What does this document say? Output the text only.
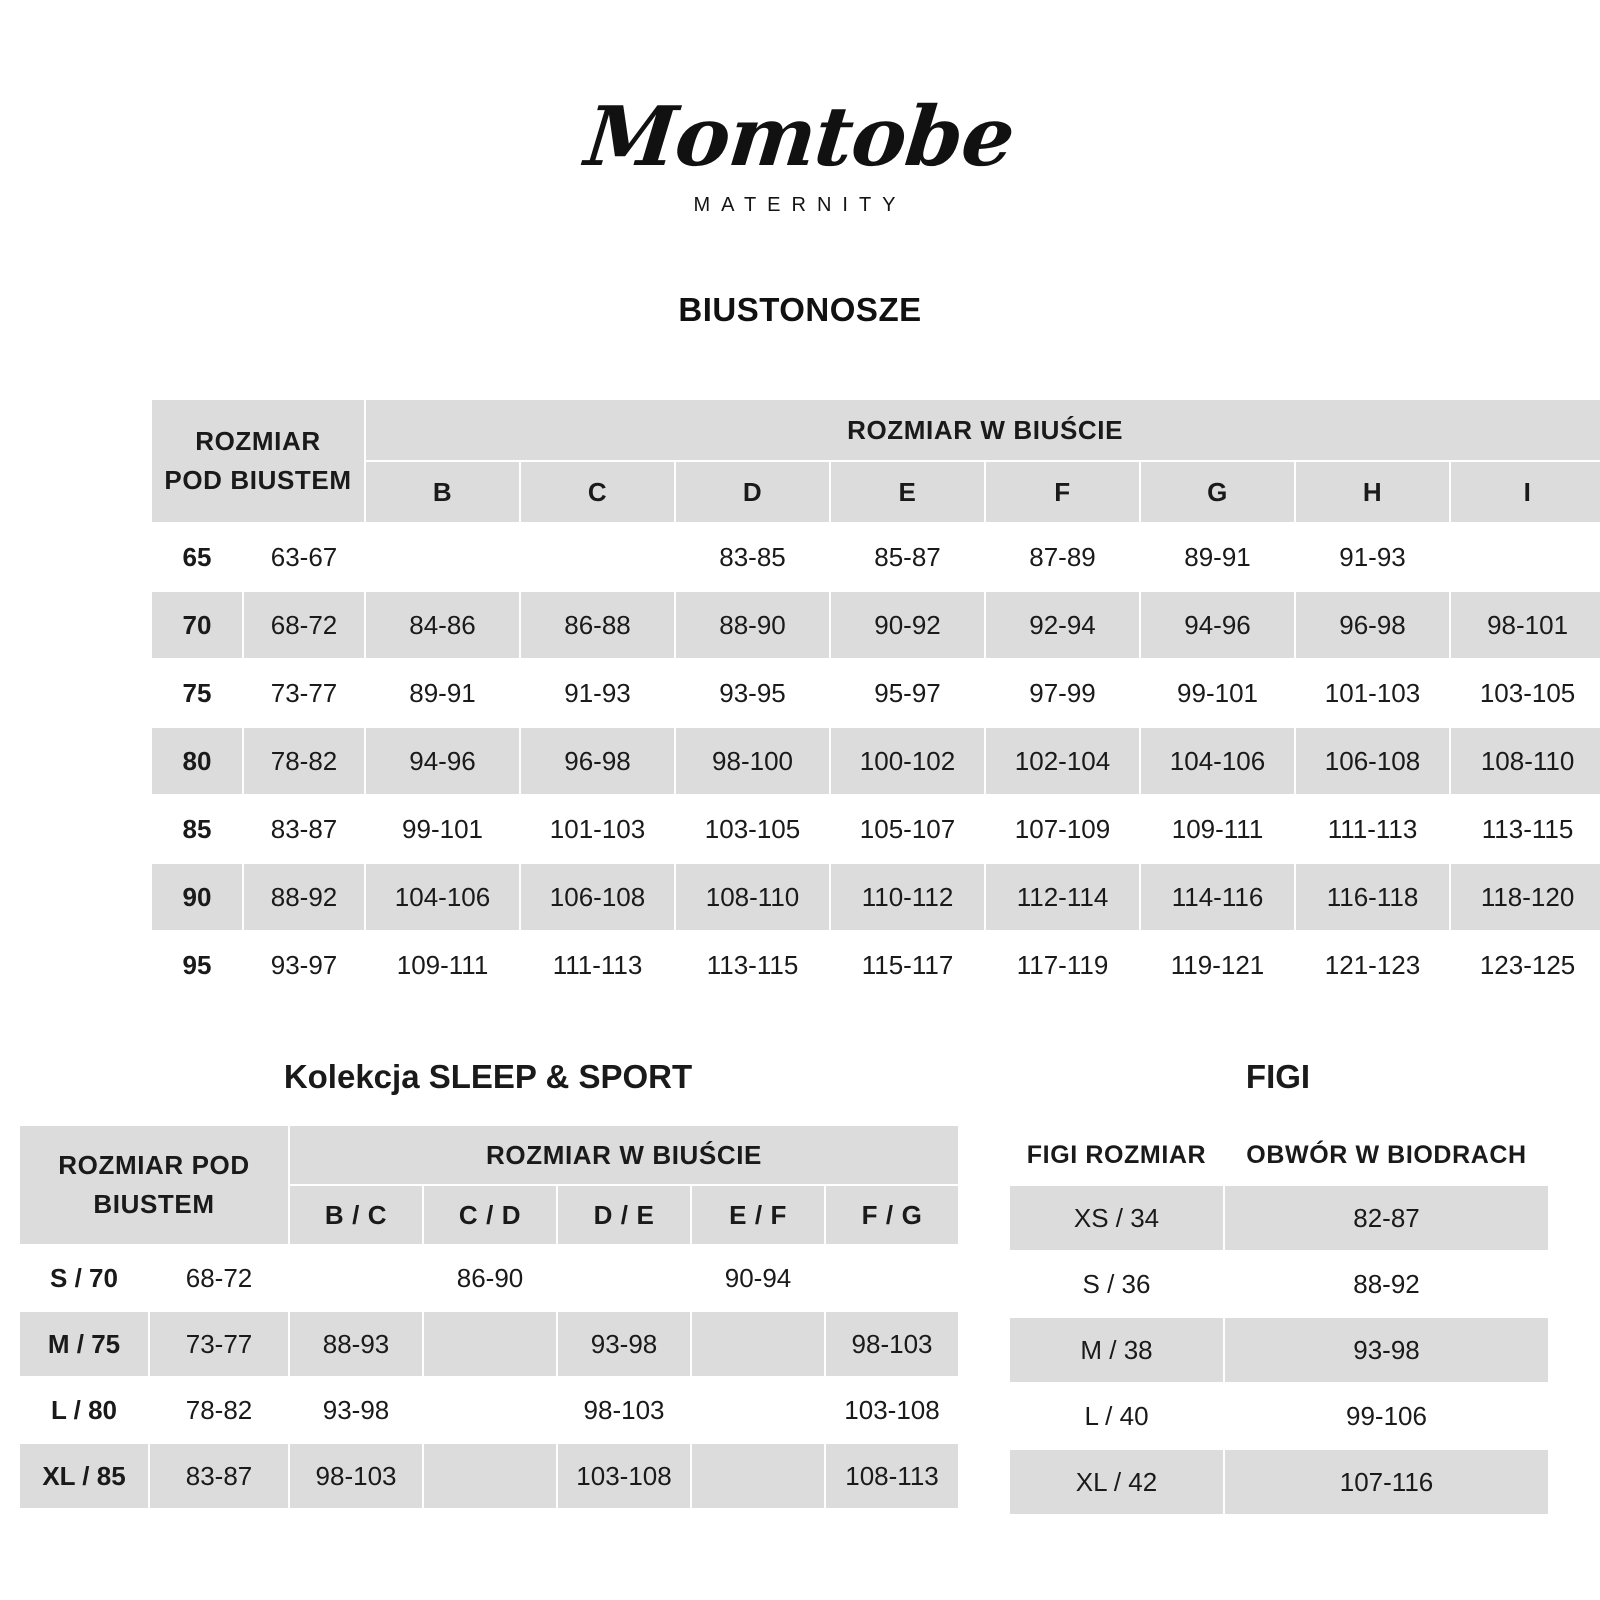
Momtobe
MATERNITY
BIUSTONOSZE
ROZMIAR
POD BIUSTEM		ROZMIAR W BIUŚCIE							
		B	C	D	E	F	G	H	I
65	63-67			83-85	85-87	87-89	89-91	91-93	
70	68-72	84-86	86-88	88-90	90-92	92-94	94-96	96-98	98-101
75	73-77	89-91	91-93	93-95	95-97	97-99	99-101	101-103	103-105
80	78-82	94-96	96-98	98-100	100-102	102-104	104-106	106-108	108-110
85	83-87	99-101	101-103	103-105	105-107	107-109	109-111	111-113	113-115
90	88-92	104-106	106-108	108-110	110-112	112-114	114-116	116-118	118-120
95	93-97	109-111	111-113	113-115	115-117	117-119	119-121	121-123	123-125
Kolekcja SLEEP & SPORT
ROZMIAR POD
BIUSTEM		ROZMIAR W BIUŚCIE				
		B / C	C / D	D / E	E / F	F / G
S / 70	68-72		86-90		90-94	
M / 75	73-77	88-93		93-98		98-103
L / 80	78-82	93-98		98-103		103-108
XL / 85	83-87	98-103		103-108		108-113
FIGI
FIGI ROZMIAR	OBWÓR W BIODRACH
XS / 34	82-87
S / 36	88-92
M / 38	93-98
L / 40	99-106
XL / 42	107-116
